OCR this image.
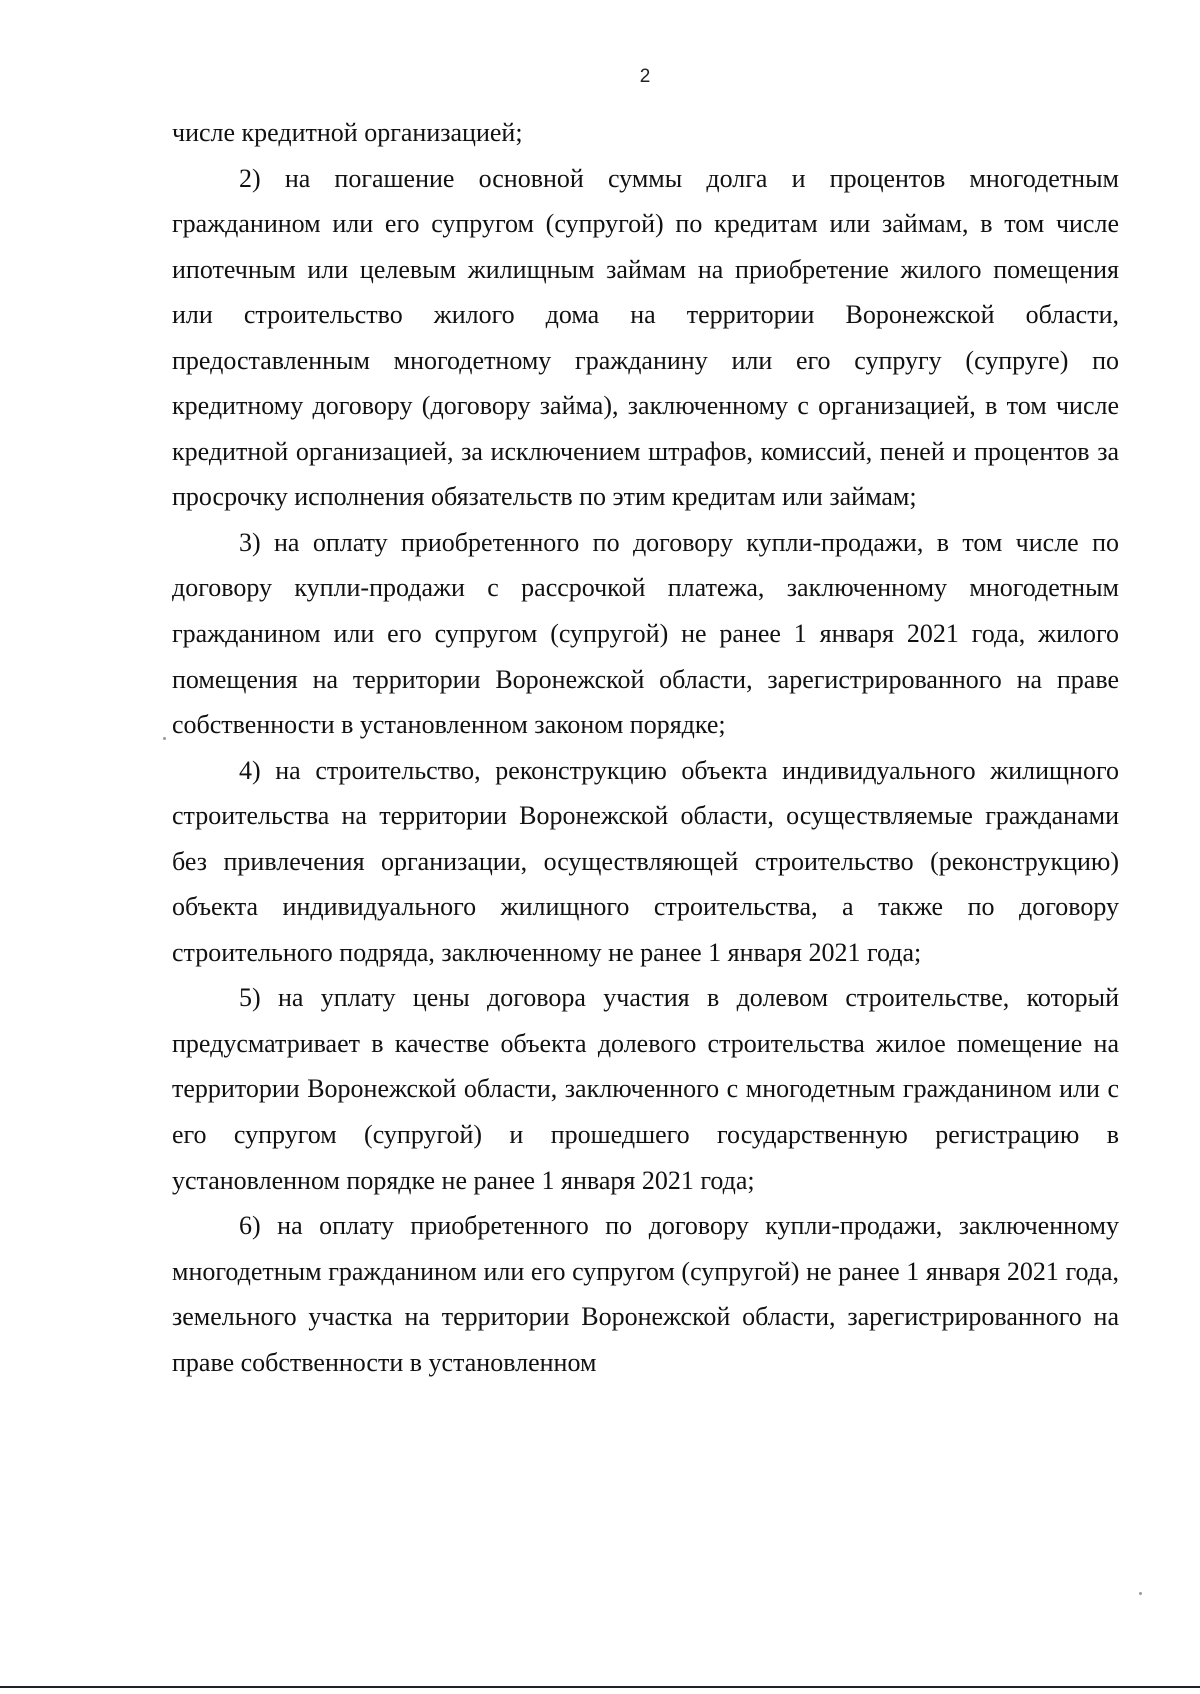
2

числе кредитной организацией;

2) на погашение основной суммы долга и процентов многодетным гражданином или его супругом (супругой) по кредитам или займам, в том числе ипотечным или целевым жилищным займам на приобретение жилого помещения или строительство жилого дома на территории Воронежской области, предоставленным многодетному гражданину или его супругу (супруге) по кредитному договору (договору займа), заключенному с организацией, в том числе кредитной организацией, за исключением штрафов, комиссий, пеней и процентов за просрочку исполнения обязательств по этим кредитам или займам;

3) на оплату приобретенного по договору купли-продажи, в том числе по договору купли-продажи с рассрочкой платежа, заключенному многодетным гражданином или его супругом (супругой) не ранее 1 января 2021 года, жилого помещения на территории Воронежской области, зарегистрированного на праве собственности в установленном законом порядке;

4) на строительство, реконструкцию объекта индивидуального жилищного строительства на территории Воронежской области, осуществляемые гражданами без привлечения организации, осуществляющей строительство (реконструкцию) объекта индивидуального жилищного строительства, а также по договору строительного подряда, заключенному не ранее 1 января 2021 года;

5) на уплату цены договора участия в долевом строительстве, который предусматривает в качестве объекта долевого строительства жилое помещение на территории Воронежской области, заключенного с многодетным гражданином или с его супругом (супругой) и прошедшего государственную регистрацию в установленном порядке не ранее 1 января 2021 года;

6) на оплату приобретенного по договору купли-продажи, заключенному многодетным гражданином или его супругом (супругой) не ранее 1 января 2021 года, земельного участка на территории Воронежской области, зарегистрированного на праве собственности в установленном
